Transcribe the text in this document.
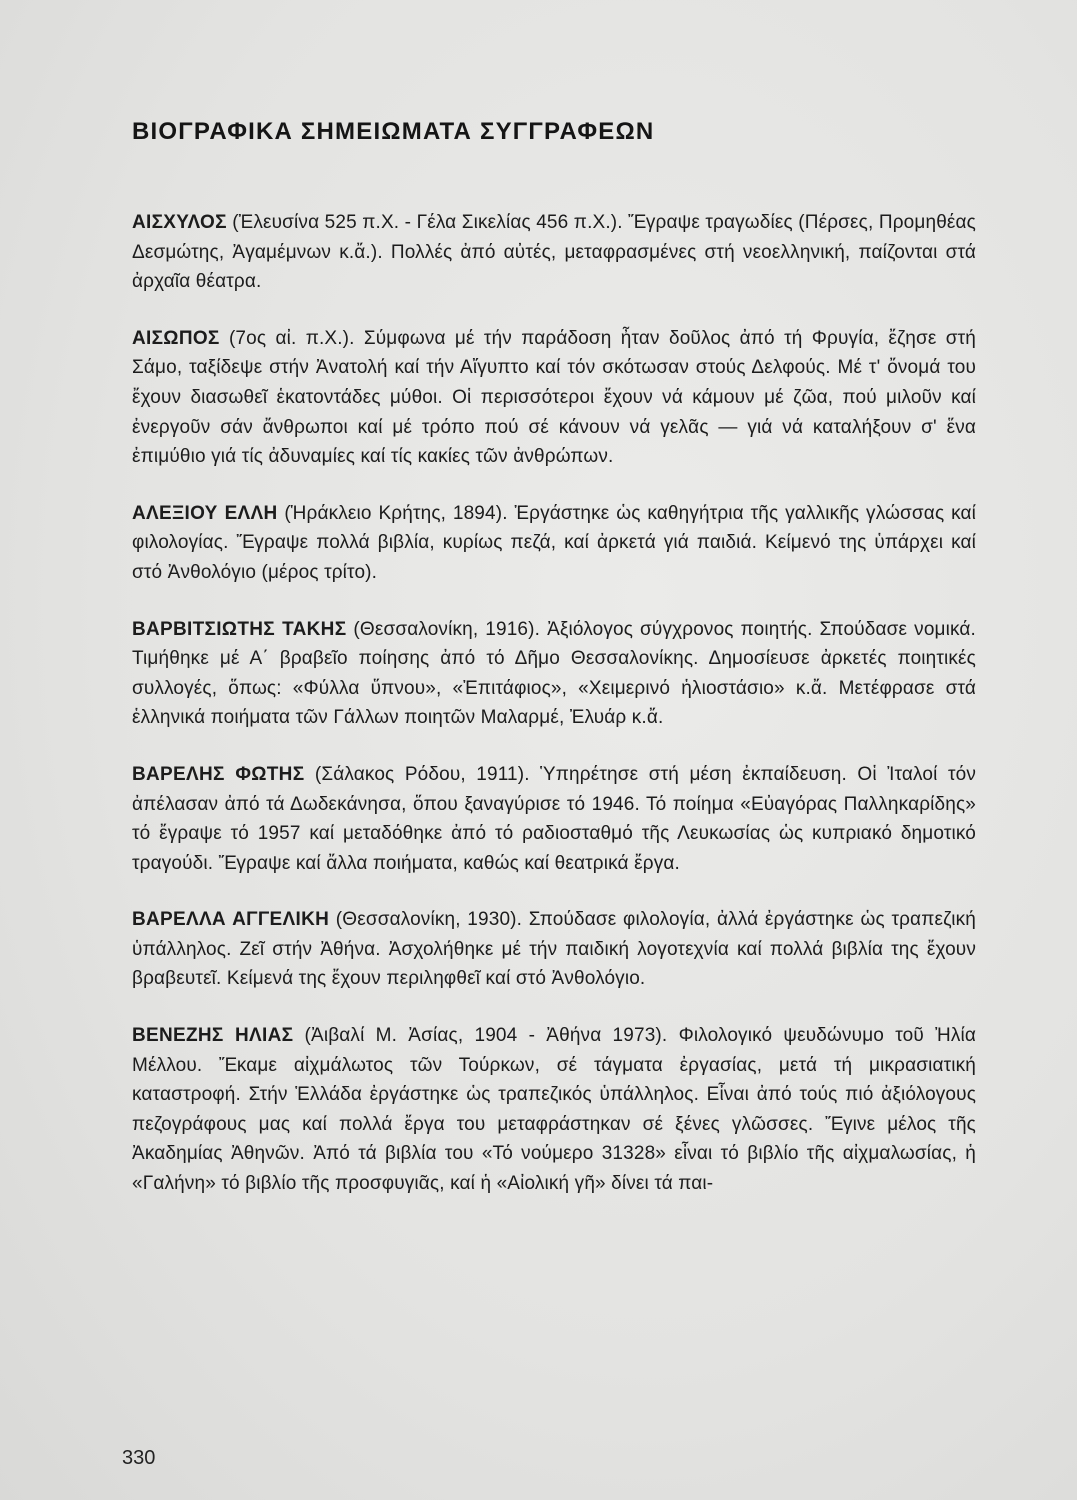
ΒΙΟΓΡΑΦΙΚΑ ΣΗΜΕΙΩΜΑΤΑ ΣΥΓΓΡΑΦΕΩΝ

ΑΙΣΧΥΛΟΣ (Ἐλευσίνα 525 π.Χ. - Γέλα Σικελίας 456 π.Χ.). Ἔγραψε τραγωδίες (Πέρσες, Προμηθέας Δεσμώτης, Ἀγαμέμνων κ.ἄ.). Πολλές ἀπό αὐτές, μεταφρασμένες στή νεοελληνική, παίζονται στά ἀρχαῖα θέατρα.

ΑΙΣΩΠΟΣ (7ος αἰ. π.Χ.). Σύμφωνα μέ τήν παράδοση ἦταν δοῦλος ἀπό τή Φρυγία, ἔζησε στή Σάμο, ταξίδεψε στήν Ἀνατολή καί τήν Αἴγυπτο καί τόν σκότωσαν στούς Δελφούς. Μέ τ' ὄνομά του ἔχουν διασωθεῖ ἑκατοντάδες μύθοι. Οἱ περισσότεροι ἔχουν νά κάμουν μέ ζῶα, πού μιλοῦν καί ἐνεργοῦν σάν ἄνθρωποι καί μέ τρόπο πού σέ κάνουν νά γελᾶς — γιά νά καταλήξουν σ' ἕνα ἐπιμύθιο γιά τίς ἀδυναμίες καί τίς κακίες τῶν ἀνθρώπων.

ΑΛΕΞΙΟΥ ΕΛΛΗ (Ἡράκλειο Κρήτης, 1894). Ἐργάστηκε ὡς καθηγήτρια τῆς γαλλικῆς γλώσσας καί φιλολογίας. Ἔγραψε πολλά βιβλία, κυρίως πεζά, καί ἀρκετά γιά παιδιά. Κείμενό της ὑπάρχει καί στό Ἀνθολόγιο (μέρος τρίτο).

ΒΑΡΒΙΤΣΙΩΤΗΣ ΤΑΚΗΣ (Θεσσαλονίκη, 1916). Ἀξιόλογος σύγχρονος ποιητής. Σπούδασε νομικά. Τιμήθηκε μέ Α΄ βραβεῖο ποίησης ἀπό τό Δῆμο Θεσσαλονίκης. Δημοσίευσε ἀρκετές ποιητικές συλλογές, ὅπως: «Φύλλα ὕπνου», «Ἐπιτάφιος», «Χειμερινό ἡλιοστάσιο» κ.ἄ. Μετέφρασε στά ἑλληνικά ποιήματα τῶν Γάλλων ποιητῶν Μαλαρμέ, Ἐλυάρ κ.ἄ.

ΒΑΡΕΛΗΣ ΦΩΤΗΣ (Σάλακος Ρόδου, 1911). Ὑπηρέτησε στή μέση ἐκπαίδευση. Οἱ Ἰταλοί τόν ἀπέλασαν ἀπό τά Δωδεκάνησα, ὅπου ξαναγύρισε τό 1946. Τό ποίημα «Εὐαγόρας Παλληκαρίδης» τό ἔγραψε τό 1957 καί μεταδόθηκε ἀπό τό ραδιοσταθμό τῆς Λευκωσίας ὡς κυπριακό δημοτικό τραγούδι. Ἔγραψε καί ἄλλα ποιήματα, καθώς καί θεατρικά ἔργα.

ΒΑΡΕΛΛΑ ΑΓΓΕΛΙΚΗ (Θεσσαλονίκη, 1930). Σπούδασε φιλολογία, ἀλλά ἐργάστηκε ὡς τραπεζική ὑπάλληλος. Ζεῖ στήν Ἀθήνα. Ἀσχολήθηκε μέ τήν παιδική λογοτεχνία καί πολλά βιβλία της ἔχουν βραβευτεῖ. Κείμενά της ἔχουν περιληφθεῖ καί στό Ἀνθολόγιο.

ΒΕΝΕΖΗΣ ΗΛΙΑΣ (Ἀιβαλί Μ. Ἀσίας, 1904 - Ἀθήνα 1973). Φιλολογικό ψευδώνυμο τοῦ Ἠλία Μέλλου. Ἔκαμε αἰχμάλωτος τῶν Τούρκων, σέ τάγματα ἐργασίας, μετά τή μικρασιατική καταστροφή. Στήν Ἑλλάδα ἐργάστηκε ὡς τραπεζικός ὑπάλληλος. Εἶναι ἀπό τούς πιό ἀξιόλογους πεζογράφους μας καί πολλά ἔργα του μεταφράστηκαν σέ ξένες γλῶσσες. Ἔγινε μέλος τῆς Ἀκαδημίας Ἀθηνῶν. Ἀπό τά βιβλία του «Τό νούμερο 31328» εἶναι τό βιβλίο τῆς αἰχμαλωσίας, ἡ «Γαλήνη» τό βιβλίο τῆς προσφυγιᾶς, καί ἡ «Αἰολική γῆ» δίνει τά παι-

330
